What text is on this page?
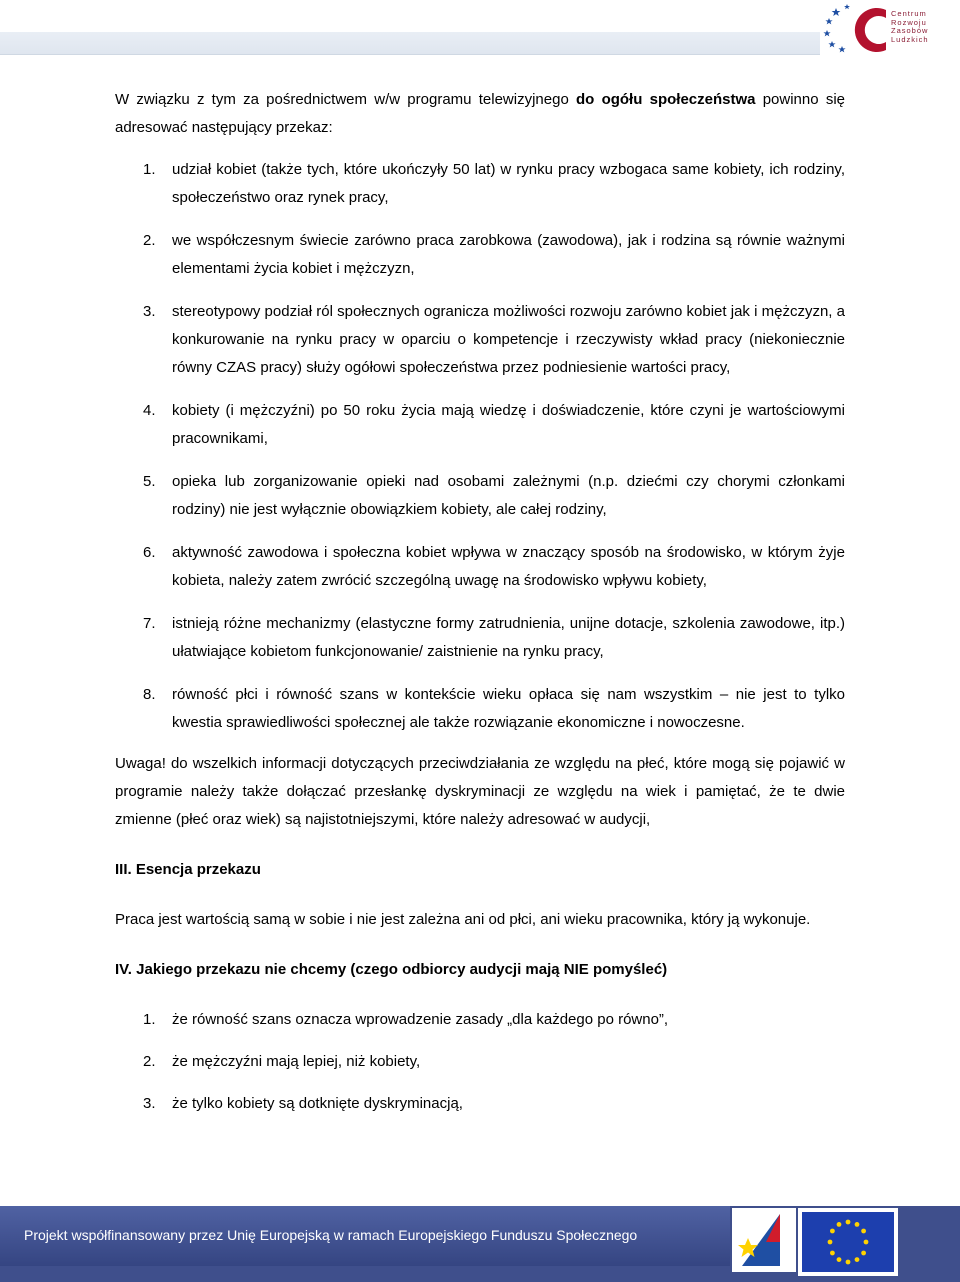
Centrum
Rozwoju
Zasobów
Ludzkich

W związku z tym za pośrednictwem w/w programu telewizyjnego do ogółu społeczeństwa powinno się adresować następujący przekaz:

1. udział kobiet (także tych, które ukończyły 50 lat) w rynku pracy wzbogaca same kobiety, ich rodziny, społeczeństwo oraz rynek pracy,
2. we współczesnym świecie zarówno praca zarobkowa (zawodowa), jak i rodzina są równie ważnymi elementami życia kobiet i mężczyzn,
3. stereotypowy podział ról społecznych ogranicza możliwości rozwoju zarówno kobiet jak i mężczyzn, a konkurowanie na rynku pracy w oparciu o kompetencje i rzeczywisty wkład pracy (niekoniecznie równy CZAS pracy) służy ogółowi społeczeństwa przez podniesienie wartości pracy,
4. kobiety (i mężczyźni) po 50 roku życia mają wiedzę i doświadczenie, które czyni je wartościowymi pracownikami,
5. opieka lub zorganizowanie opieki nad osobami zależnymi (n.p. dziećmi czy chorymi członkami rodziny) nie jest wyłącznie obowiązkiem kobiety, ale całej rodziny,
6. aktywność zawodowa i społeczna kobiet wpływa w znaczący sposób na środowisko, w którym żyje kobieta, należy zatem zwrócić szczególną uwagę na środowisko wpływu kobiety,
7. istnieją różne mechanizmy (elastyczne formy zatrudnienia, unijne dotacje, szkolenia zawodowe, itp.) ułatwiające kobietom funkcjonowanie/ zaistnienie na rynku pracy,
8. równość płci i równość szans w kontekście wieku opłaca się nam wszystkim – nie jest to tylko kwestia sprawiedliwości społecznej ale także rozwiązanie ekonomiczne i nowoczesne.

Uwaga! do wszelkich informacji dotyczących przeciwdziałania ze względu na płeć, które mogą się pojawić w programie należy także dołączać przesłankę dyskryminacji ze względu na wiek i pamiętać, że te dwie zmienne (płeć oraz wiek) są najistotniejszymi, które należy adresować w audycji,

III. Esencja przekazu

Praca jest wartością samą w sobie i nie jest zależna ani od płci, ani wieku pracownika, który ją wykonuje.

IV. Jakiego przekazu nie chcemy (czego odbiorcy audycji mają NIE pomyśleć)
1. że równość szans oznacza wprowadzenie zasady „dla każdego po równo”,
2. że mężczyźni mają lepiej, niż kobiety,
3. że tylko kobiety są dotknięte dyskryminacją,
Projekt współfinansowany przez Unię Europejską w ramach Europejskiego Funduszu Społecznego
